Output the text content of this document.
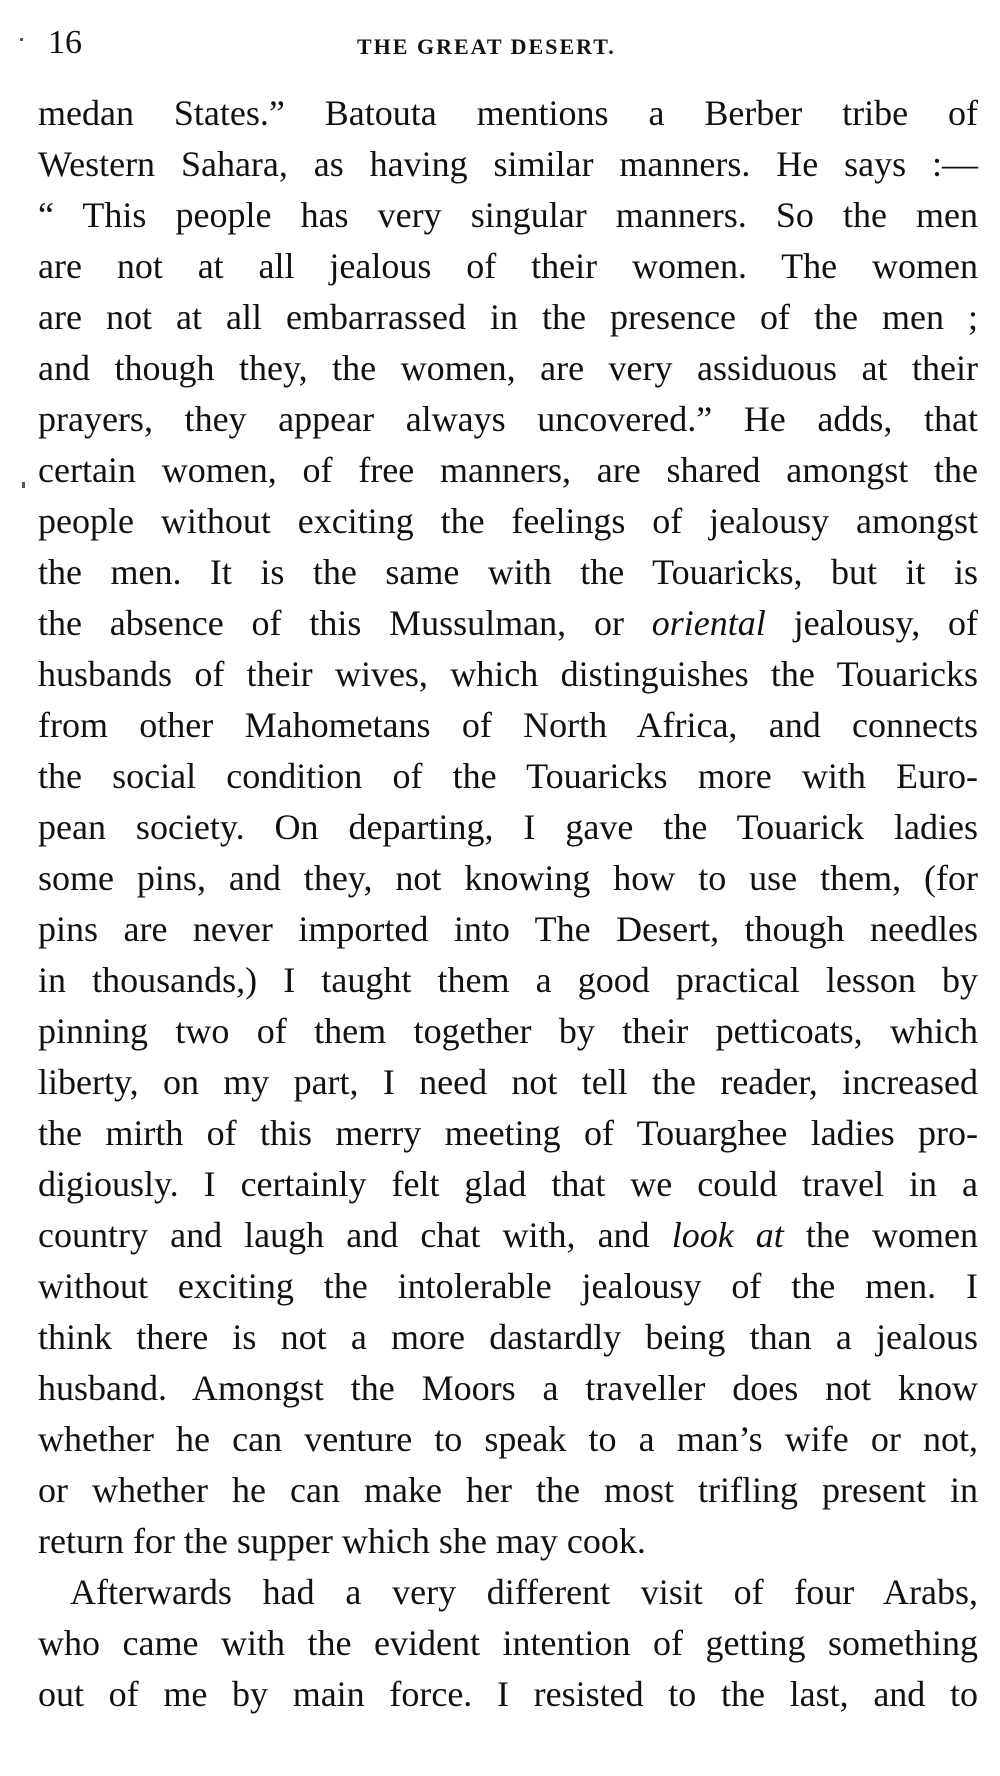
16	THE GREAT DESERT.
medan States.” Batouta mentions a Berber tribe of
Western Sahara, as having similar manners. He says :—
“ This people has very singular manners. So the men
are not at all jealous of their women. The women
are not at all embarrassed in the presence of the men ;
and though they, the women, are very assiduous at their
prayers, they appear always uncovered.” He adds, that
certain women, of free manners, are shared amongst the
people without exciting the feelings of jealousy amongst
the men. It is the same with the Touaricks, but it is
the absence of this Mussulman, or oriental jealousy, of
husbands of their wives, which distinguishes the Touaricks
from other Mahometans of North Africa, and connects
the social condition of the Touaricks more with Euro-
pean society. On departing, I gave the Touarick ladies
some pins, and they, not knowing how to use them, (for
pins are never imported into The Desert, though needles
in thousands,) I taught them a good practical lesson by
pinning two of them together by their petticoats, which
liberty, on my part, I need not tell the reader, increased
the mirth of this merry meeting of Touarghee ladies pro-
digiously. I certainly felt glad that we could travel in a
country and laugh and chat with, and look at the women
without exciting the intolerable jealousy of the men. I
think there is not a more dastardly being than a jealous
husband. Amongst the Moors a traveller does not know
whether he can venture to speak to a man’s wife or not,
or whether he can make her the most trifling present in
return for the supper which she may cook.
Afterwards had a very different visit of four Arabs,
who came with the evident intention of getting something
out of me by main force. I resisted to the last, and to
